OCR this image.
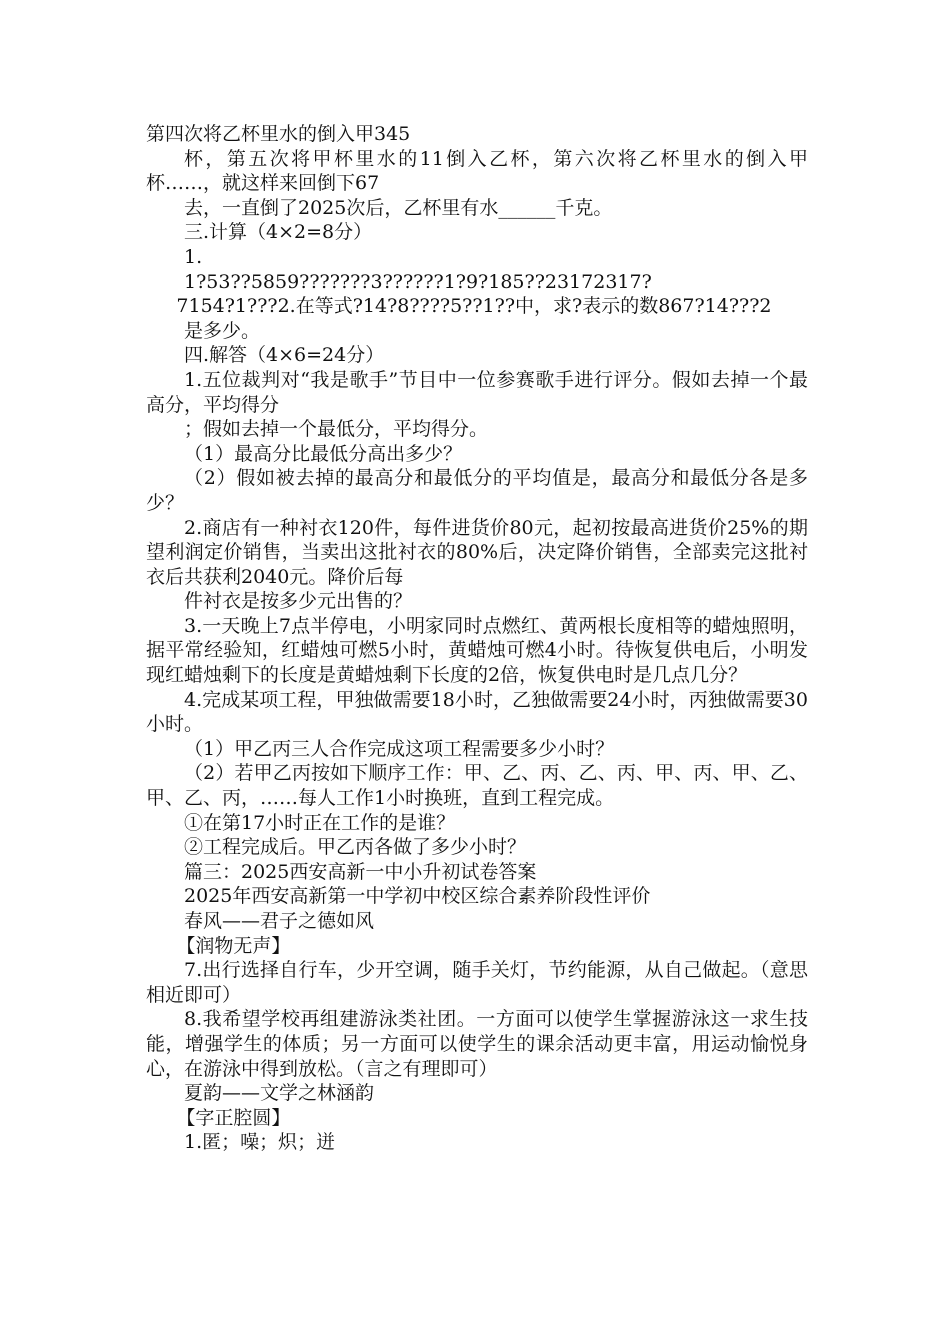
第四次将乙杯里水的倒入甲345

杯，第五次将甲杯里水的11倒入乙杯，第六次将乙杯里水的倒入甲杯……，就这样来回倒下67

去，一直倒了2025次后，乙杯里有水______千克。

三.计算（4×2=8分）

1.

1?53??5859???????3??????1?9?185??23172317?

7154?1???2.在等式?14?8????5??1??中，求?表示的数867?14???2

是多少。

四.解答（4×6=24分）

1.五位裁判对“我是歌手”节目中一位参赛歌手进行评分。假如去掉一个最高分，平均得分

；假如去掉一个最低分，平均得分。

（1）最高分比最低分高出多少？

（2）假如被去掉的最高分和最低分的平均值是，最高分和最低分各是多少？

2.商店有一种衬衣120件，每件进货价80元，起初按最高进货价25%的期望利润定价销售，当卖出这批衬衣的80%后，决定降价销售，全部卖完这批衬衣后共获利2040元。降价后每

件衬衣是按多少元出售的？

3.一天晚上7点半停电，小明家同时点燃红、黄两根长度相等的蜡烛照明，据平常经验知，红蜡烛可燃5小时，黄蜡烛可燃4小时。待恢复供电后，小明发现红蜡烛剩下的长度是黄蜡烛剩下长度的2倍，恢复供电时是几点几分？

4.完成某项工程，甲独做需要18小时，乙独做需要24小时，丙独做需要30小时。

（1）甲乙丙三人合作完成这项工程需要多少小时？

（2）若甲乙丙按如下顺序工作：甲、乙、丙、乙、丙、甲、丙、甲、乙、甲、乙、丙，……每人工作1小时换班，直到工程完成。

①在第17小时正在工作的是谁？

②工程完成后。甲乙丙各做了多少小时？

篇三：2025西安高新一中小升初试卷答案

2025年西安高新第一中学初中校区综合素养阶段性评价

春风——君子之德如风

【润物无声】

7.出行选择自行车，少开空调，随手关灯，节约能源，从自己做起。（意思相近即可）

8.我希望学校再组建游泳类社团。一方面可以使学生掌握游泳这一求生技能，增强学生的体质；另一方面可以使学生的课余活动更丰富，用运动愉悦身心，在游泳中得到放松。（言之有理即可）

夏韵——文学之林涵韵

【字正腔圆】

1.匿；噪；炽；迸
